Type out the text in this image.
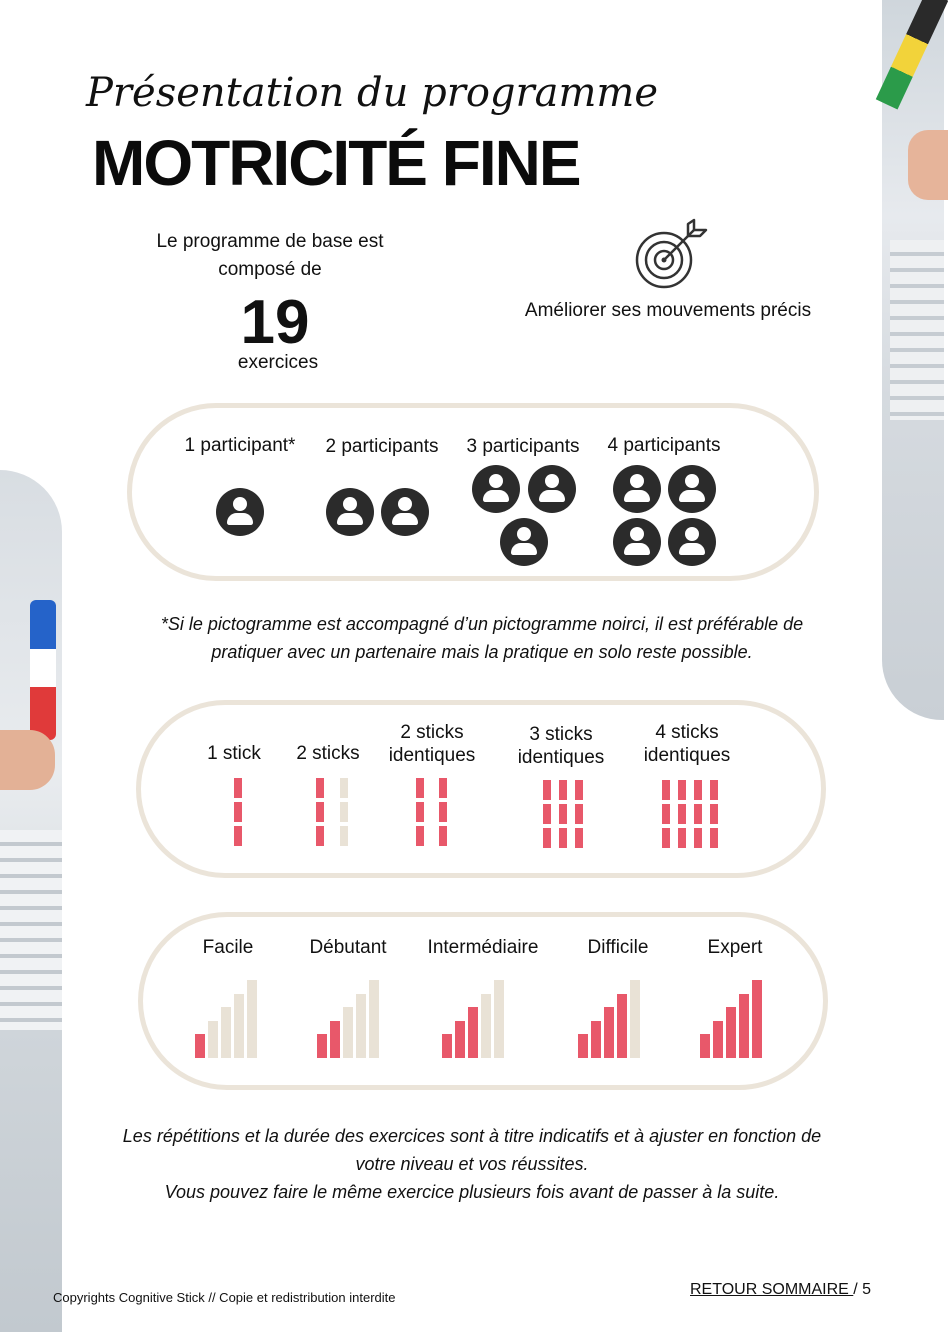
Présentation du programme
MOTRICITÉ FINE
Le programme de base est
composé de
19
exercices
Améliorer ses mouvements précis
1 participant*	2 participants	3 participants	4 participants
*Si le pictogramme est accompagné d’un pictogramme noirci, il est préférable de
pratiquer avec un partenaire mais la pratique en solo reste possible.
1 stick	2 sticks
2 sticks
identiques
3 sticks
identiques
4 sticks
identiques
Facile	Débutant	Intermédiaire	Difficile	Expert
Les répétitions et la durée des exercices sont à titre indicatifs et à ajuster en fonction de
votre niveau et vos réussites.
Vous pouvez faire le même exercice plusieurs fois avant de passer à la suite.
Copyrights Cognitive Stick // Copie et redistribution interdite	RETOUR SOMMAIRE / 5
